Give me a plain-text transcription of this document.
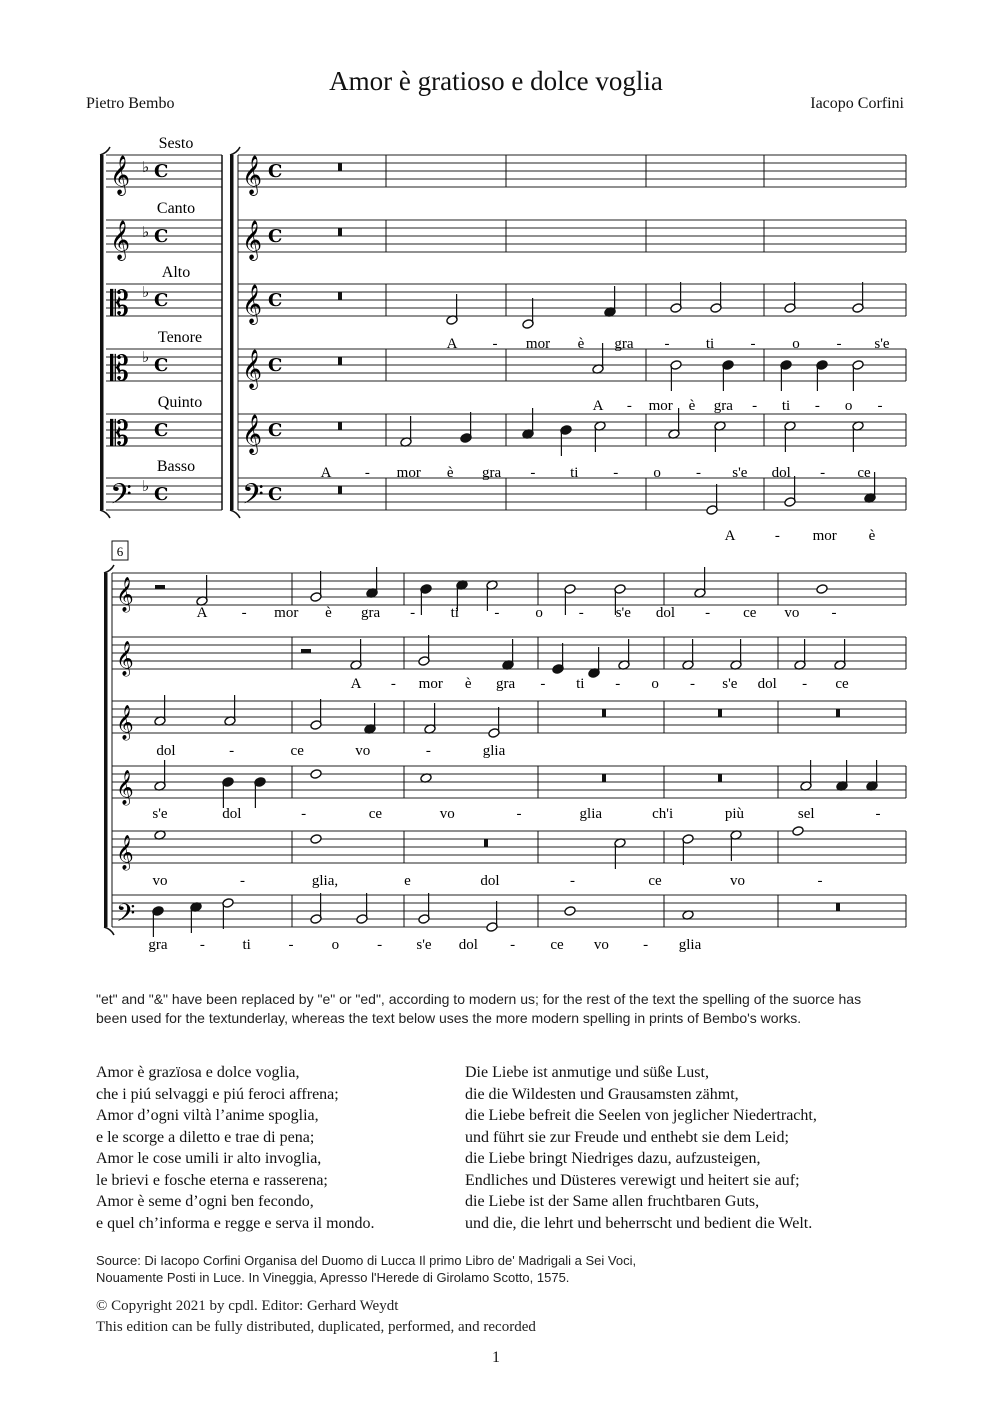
Amor è gratioso e dolce voglia
Pietro Bembo	Iacopo Corfini
𝄞 ♭ C 𝄞 C
𝄞 ♭ C 𝄞 C
𝄡 ♭ C 𝄞 C
𝄡 ♭ C 𝄞 C
𝄡 C 𝄞 C
𝄢 ♭ C 𝄢 C
𝄞
𝄞
𝄞
𝄞
𝄞
𝄢
Sesto
Canto
Alto
Tenore
Quinto
Basso
6
A - mor è gra - ti - o - s'e
A - mor è gra - ti - o -
A - mor è gra - ti - o - s'e dol - ce
A	- mor è
A - mor è gra - ti - o - s'e dol - ce vo -
A - mor è gra - ti - o - s'e dol - ce
dol	-	ce	vo	-	glia
s'e	dol	-	ce	vo	-	glia	ch'i	più	sel	-
vo	-	glia,	e	dol	-	ce	vo	-
gra -	ti	-	o	- s'e dol - ce vo - glia
"et" and "&" have been replaced by "e" or "ed", according to modern us; for the rest of the text the spelling of the suorce has been used for the textunderlay, whereas the text below uses the more modern spelling in prints of Bembo's works.
Amor è grazïosa e dolce voglia,
che i piú selvaggi e piú feroci affrena;
Amor d’ogni viltà l’anime spoglia,
e le scorge a diletto e trae di pena;
Amor le cose umili ir alto invoglia,
le brievi e fosche eterna e rasserena;
Amor è seme d’ogni ben fecondo,
e quel ch’informa e regge e serva il mondo.
Die Liebe ist anmutige und süße Lust,
die die Wildesten und Grausamsten zähmt,
die Liebe befreit die Seelen von jeglicher Niedertracht,
und führt sie zur Freude und enthebt sie dem Leid;
die Liebe bringt Niedriges dazu, aufzusteigen,
Endliches und Düsteres verewigt und heitert sie auf;
die Liebe ist der Same allen fruchtbaren Guts,
und die, die lehrt und beherrscht und bedient die Welt.
Source: Di Iacopo Corfini Organisa del Duomo di Lucca Il primo Libro de' Madrigali a Sei Voci,
Nouamente Posti in Luce. In Vineggia, Apresso l'Herede di Girolamo Scotto, 1575.
© Copyright 2021 by cpdl. Editor: Gerhard Weydt
This edition can be fully distributed, duplicated, performed, and recorded
1
